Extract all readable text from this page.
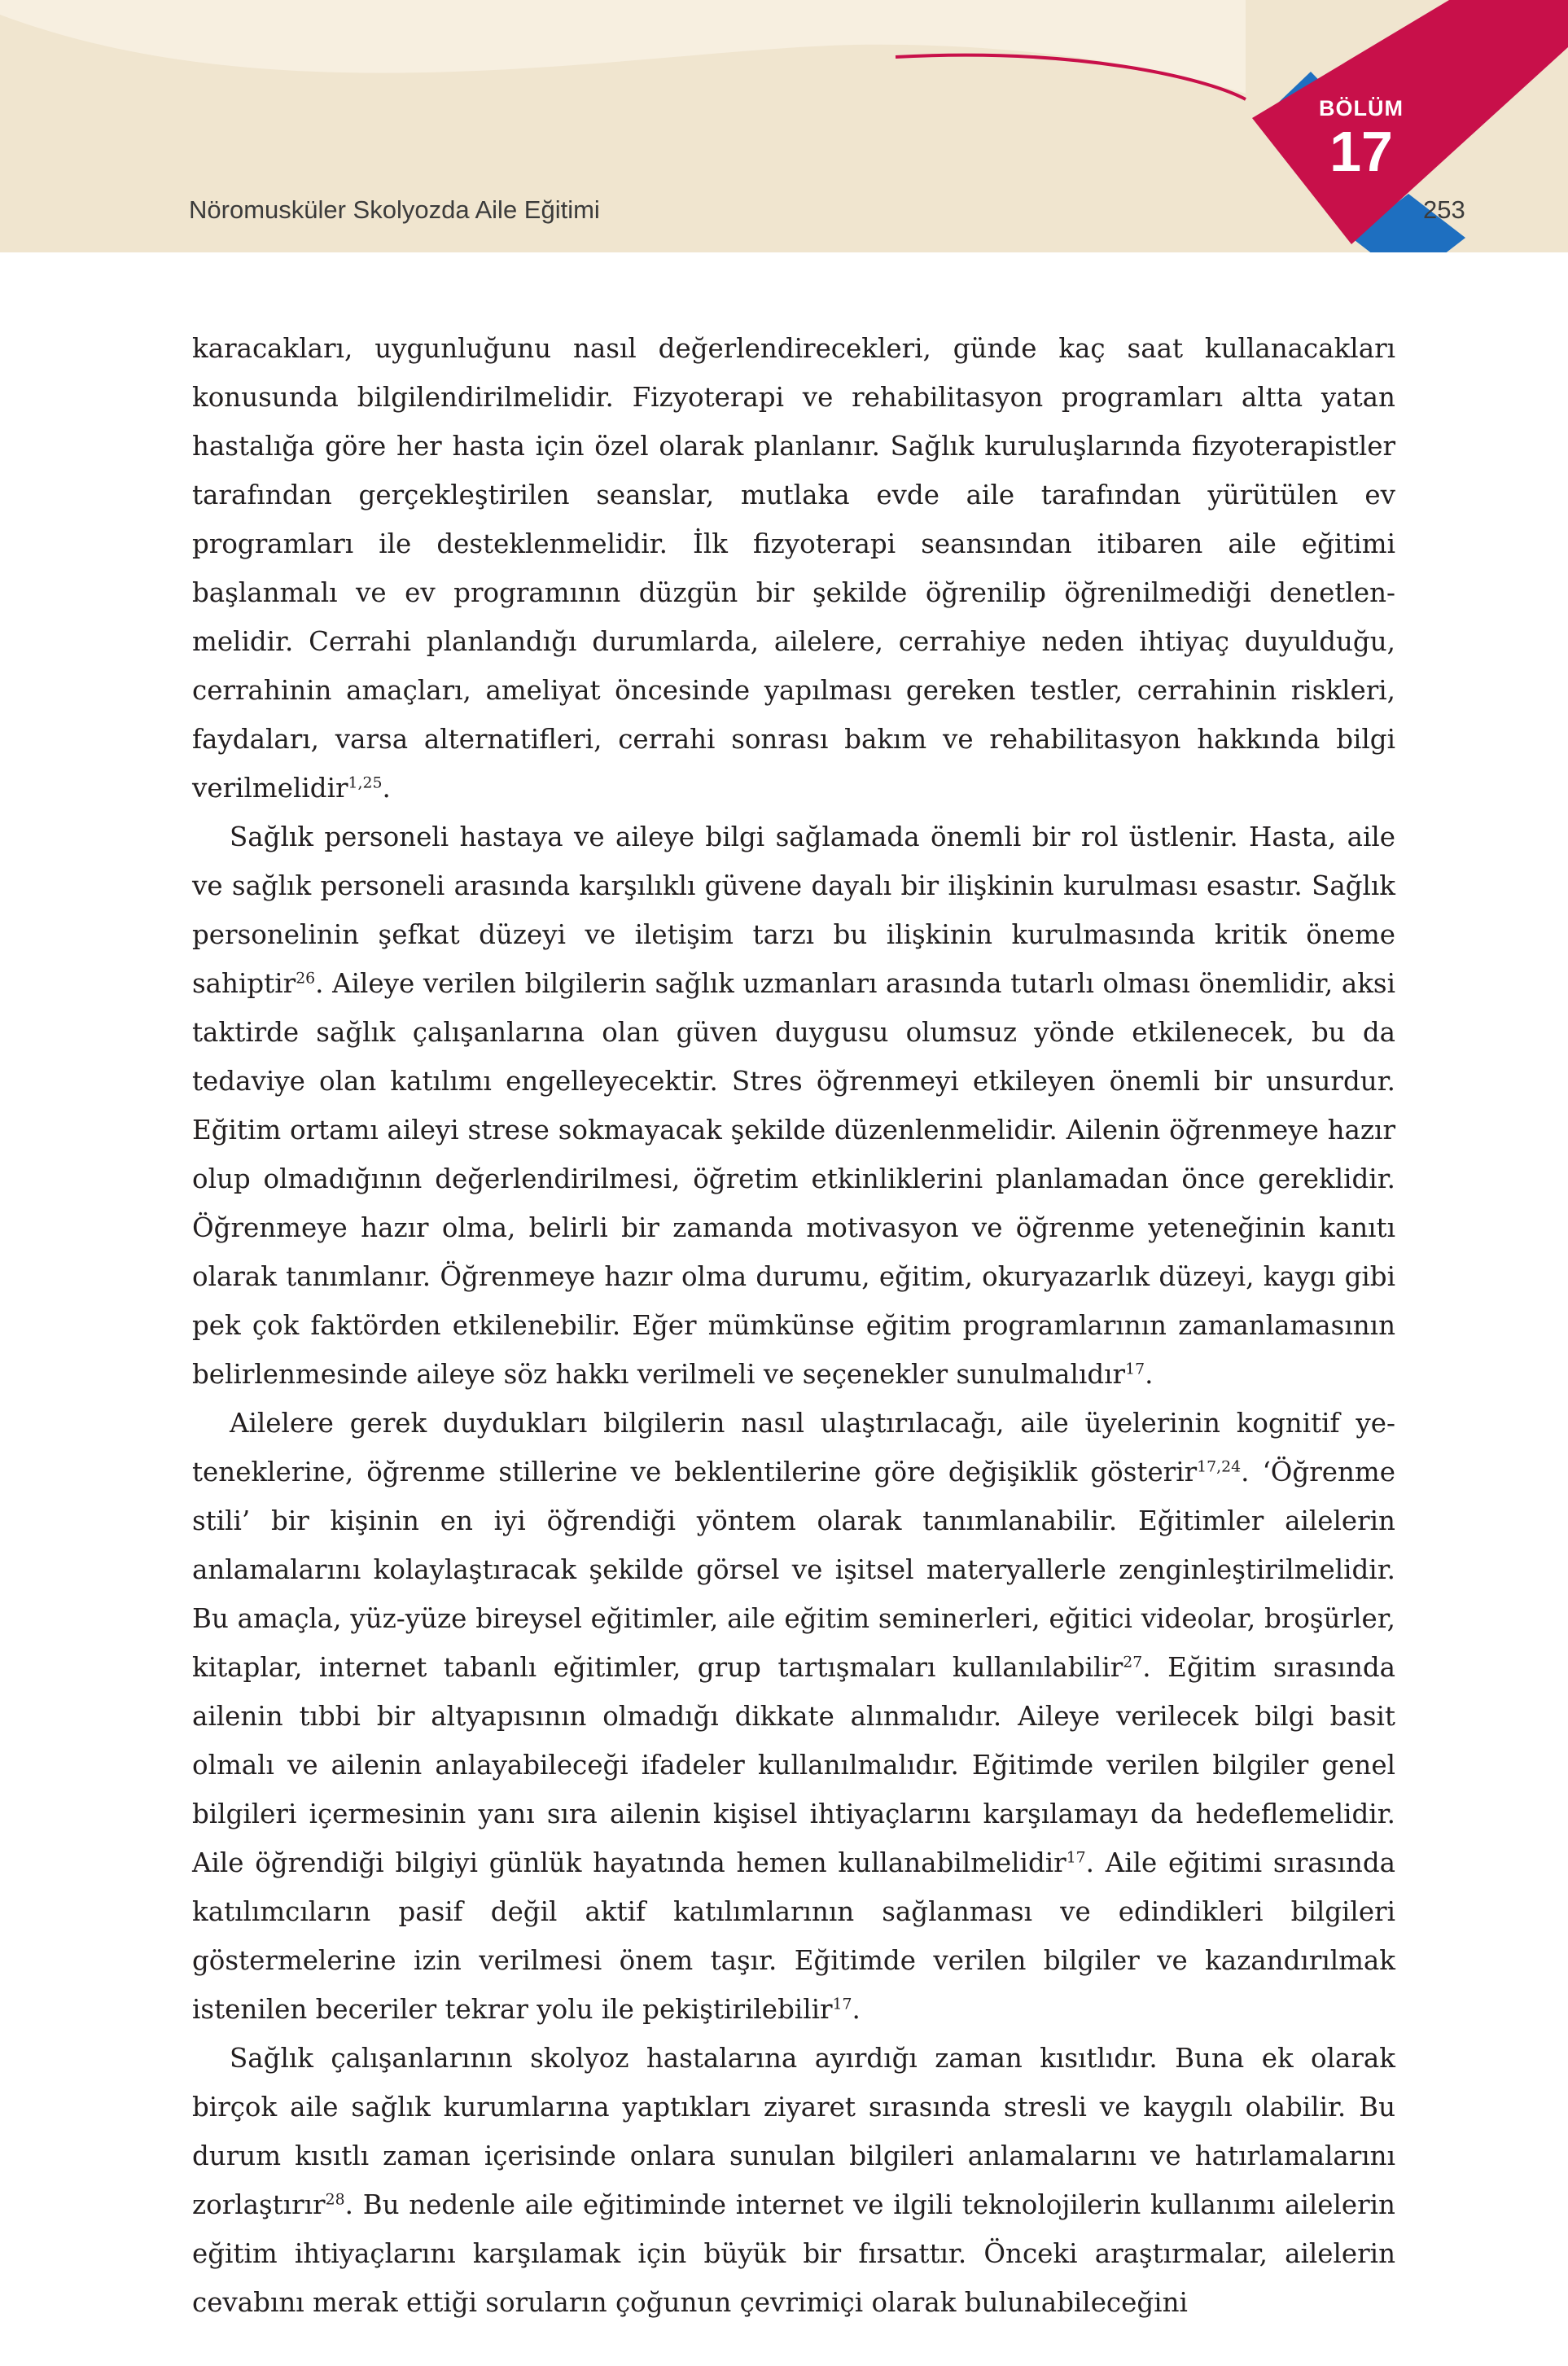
Nöromusküler Skolyozda Aile Eğitimi
BÖLÜM
17
253

karacakları, uygunluğunu nasıl değerlendirecekleri, günde kaç saat kullanacakları konusunda bilgilendirilmelidir. Fizyoterapi ve rehabilitasyon programları altta yatan hastalığa göre her hasta için özel olarak planlanır. Sağlık kuruluşlarında fizyoterapistler tarafından gerçekleştirilen seanslar, mutlaka evde aile tarafından yürütülen ev programları ile desteklenmelidir. İlk fizyoterapi seansından itibaren aile eğitimi başlanmalı ve ev programının düzgün bir şekilde öğrenilip öğrenilmediği denetlenmelidir. Cerrahi planlandığı durumlarda, ailelere, cerrahiye neden ihtiyaç duyulduğu, cerrahinin amaçları, ameliyat öncesinde yapılması gereken testler, cerrahinin riskleri, faydaları, varsa alternatifleri, cerrahi sonrası bakım ve rehabilitasyon hakkında bilgi verilmelidir$^{1,25}$.

Sağlık personeli hastaya ve aileye bilgi sağlamada önemli bir rol üstlenir. Hasta, aile ve sağlık personeli arasında karşılıklı güvene dayalı bir ilişkinin kurulması esastır. Sağlık personelinin şefkat düzeyi ve iletişim tarzı bu ilişkinin kurulmasında kritik öneme sahiptir$^{26}$. Aileye verilen bilgilerin sağlık uzmanları arasında tutarlı olması önemlidir, aksi taktirde sağlık çalışanlarına olan güven duygusu olumsuz yönde etkilenecek, bu da tedaviye olan katılımı engelleyecektir. Stres öğrenmeyi etkileyen önemli bir unsurdur. Eğitim ortamı aileyi strese sokmayacak şekilde düzenlenmelidir. Ailenin öğrenmeye hazır olup olmadığının değerlendirilmesi, öğretim etkinliklerini planlamadan önce gereklidir. Öğrenmeye hazır olma, belirli bir zamanda motivasyon ve öğrenme yeteneğinin kanıtı olarak tanımlanır. Öğrenmeye hazır olma durumu, eğitim, okuryazarlık düzeyi, kaygı gibi pek çok faktörden etkilenebilir. Eğer mümkünse eğitim programlarının zamanlamasının belirlenmesinde aileye söz hakkı verilmeli ve seçenekler sunulmalıdır$^{17}$.

Ailelere gerek duydukları bilgilerin nasıl ulaştırılacağı, aile üyelerinin kognitif yeteneklerine, öğrenme stillerine ve beklentilerine göre değişiklik gösterir$^{17,24}$. ‘Öğrenme stili’ bir kişinin en iyi öğrendiği yöntem olarak tanımlanabilir. Eğitimler ailelerin anlamalarını kolaylaştıracak şekilde görsel ve işitsel materyallerle zenginleştirilmelidir. Bu amaçla, yüz-yüze bireysel eğitimler, aile eğitim seminerleri, eğitici videolar, broşürler, kitaplar, internet tabanlı eğitimler, grup tartışmaları kullanılabilir$^{27}$. Eğitim sırasında ailenin tıbbi bir altyapısının olmadığı dikkate alınmalıdır. Aileye verilecek bilgi basit olmalı ve ailenin anlayabileceği ifadeler kullanılmalıdır. Eğitimde verilen bilgiler genel bilgileri içermesinin yanı sıra ailenin kişisel ihtiyaçlarını karşılamayı da hedeflemelidir. Aile öğrendiği bilgiyi günlük hayatında hemen kullanabilmelidir$^{17}$. Aile eğitimi sırasında katılımcıların pasif değil aktif katılımlarının sağlanması ve edindikleri bilgileri göstermelerine izin verilmesi önem taşır. Eğitimde verilen bilgiler ve kazandırılmak istenilen beceriler tekrar yolu ile pekiştirilebilir$^{17}$.

Sağlık çalışanlarının skolyoz hastalarına ayırdığı zaman kısıtlıdır. Buna ek olarak birçok aile sağlık kurumlarına yaptıkları ziyaret sırasında stresli ve kaygılı olabilir. Bu durum kısıtlı zaman içerisinde onlara sunulan bilgileri anlamalarını ve hatırlamalarını zorlaştırır$^{28}$. Bu nedenle aile eğitiminde internet ve ilgili teknolojilerin kullanımı ailelerin eğitim ihtiyaçlarını karşılamak için büyük bir fırsattır. Önceki araştırmalar, ailelerin cevabını merak ettiği soruların çoğunun çevrimiçi olarak bulunabileceğini
